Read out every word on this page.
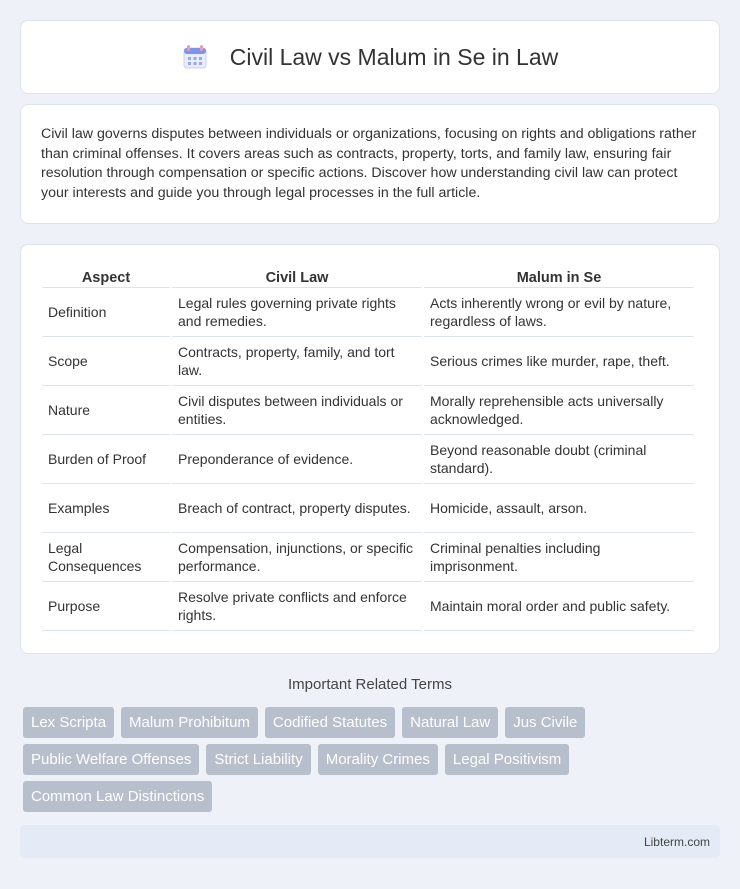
Civil Law vs Malum in Se in Law

Civil law governs disputes between individuals or organizations, focusing on rights and obligations rather than criminal offenses. It covers areas such as contracts, property, torts, and family law, ensuring fair resolution through compensation or specific actions. Discover how understanding civil law can protect your interests and guide you through legal processes in the full article.

Aspect	Civil Law	Malum in Se
Definition	Legal rules governing private rights and remedies.	Acts inherently wrong or evil by nature, regardless of laws.
Scope	Contracts, property, family, and tort law.	Serious crimes like murder, rape, theft.
Nature	Civil disputes between individuals or entities.	Morally reprehensible acts universally acknowledged.
Burden of Proof	Preponderance of evidence.	Beyond reasonable doubt (criminal standard).
Examples	Breach of contract, property disputes.	Homicide, assault, arson.
Legal Consequences	Compensation, injunctions, or specific performance.	Criminal penalties including imprisonment.
Purpose	Resolve private conflicts and enforce rights.	Maintain moral order and public safety.
Important Related Terms
Lex Scripta	Malum Prohibitum	Codified Statutes	Natural Law	Jus Civile
Public Welfare Offenses	Strict Liability	Morality Crimes	Legal Positivism
Common Law Distinctions
Libterm.com
